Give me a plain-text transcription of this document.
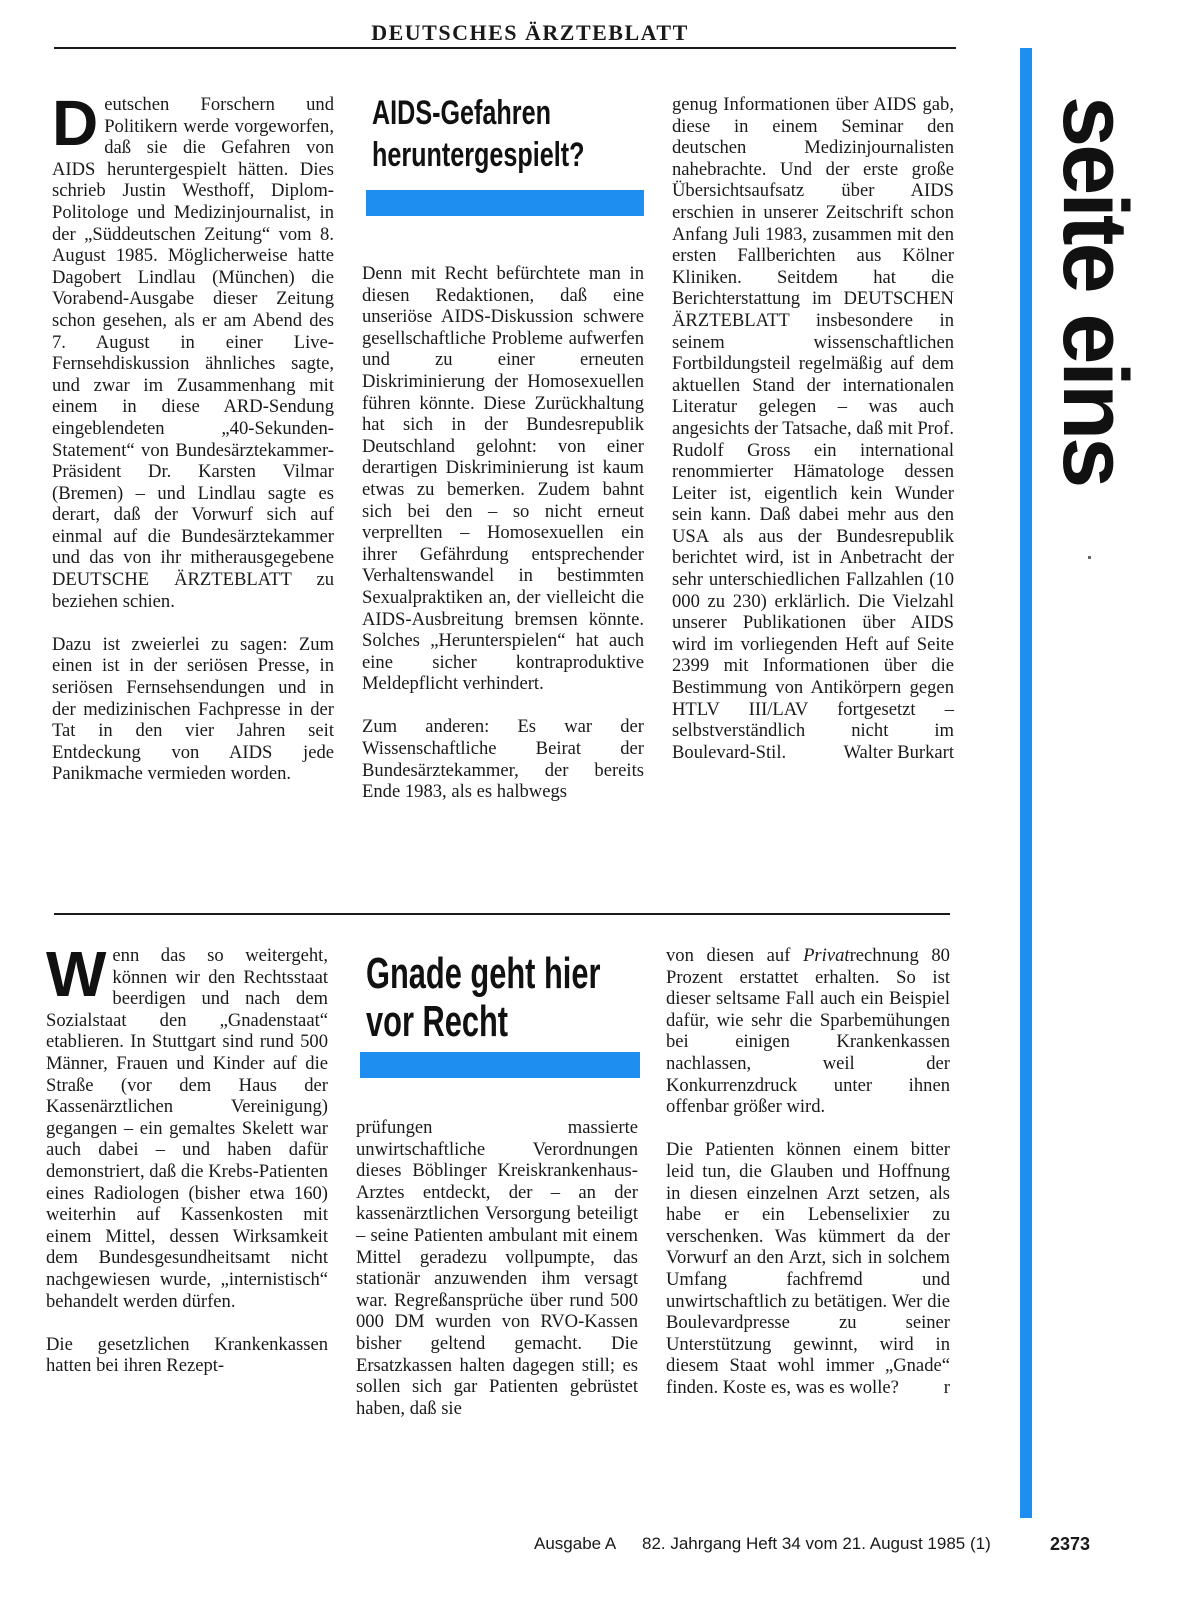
DEUTSCHES ÄRZTEBLATT
seite eins

Deutschen Forschern und Politikern werde vorgeworfen, daß sie die Gefahren von AIDS heruntergespielt hätten. Dies schrieb Justin Westhoff, Diplom-Politologe und Medizinjournalist, in der „Süddeutschen Zeitung“ vom 8. August 1985. Möglicherweise hatte Dagobert Lindlau (München) die Vorabend-Ausgabe dieser Zeitung schon gesehen, als er am Abend des 7. August in einer Live-Fernsehdiskussion ähnliches sagte, und zwar im Zusammenhang mit einem in diese ARD-Sendung eingeblendeten „40-Sekunden-Statement“ von Bundesärztekammer-Präsident Dr. Karsten Vilmar (Bremen) – und Lindlau sagte es derart, daß der Vorwurf sich auf einmal auf die Bundesärztekammer und das von ihr mitherausgegebene DEUTSCHE ÄRZTEBLATT zu beziehen schien.

Dazu ist zweierlei zu sagen: Zum einen ist in der seriösen Presse, in seriösen Fernsehsendungen und in der medizinischen Fachpresse in der Tat in den vier Jahren seit Entdeckung von AIDS jede Panikmache vermieden worden.

AIDS-Gefahren
heruntergespielt?

Denn mit Recht befürchtete man in diesen Redaktionen, daß eine unseriöse AIDS-Diskussion schwere gesellschaftliche Probleme aufwerfen und zu einer erneuten Diskriminierung der Homosexuellen führen könnte. Diese Zurückhaltung hat sich in der Bundesrepublik Deutschland gelohnt: von einer derartigen Diskriminierung ist kaum etwas zu bemerken. Zudem bahnt sich bei den – so nicht erneut verprellten – Homosexuellen ein ihrer Gefährdung entsprechender Verhaltenswandel in bestimmten Sexualpraktiken an, der vielleicht die AIDS-Ausbreitung bremsen könnte. Solches „Herunterspielen“ hat auch eine sicher kontraproduktive Meldepflicht verhindert.

Zum anderen: Es war der Wissenschaftliche Beirat der Bundesärztekammer, der bereits Ende 1983, als es halbwegs

genug Informationen über AIDS gab, diese in einem Seminar den deutschen Medizinjournalisten nahebrachte. Und der erste große Übersichtsaufsatz über AIDS erschien in unserer Zeitschrift schon Anfang Juli 1983, zusammen mit den ersten Fallberichten aus Kölner Kliniken. Seitdem hat die Berichterstattung im DEUTSCHEN ÄRZTEBLATT insbesondere in seinem wissenschaftlichen Fortbildungsteil regelmäßig auf dem aktuellen Stand der internationalen Literatur gelegen – was auch angesichts der Tatsache, daß mit Prof. Rudolf Gross ein international renommierter Hämatologe dessen Leiter ist, eigentlich kein Wunder sein kann. Daß dabei mehr aus den USA als aus der Bundesrepublik berichtet wird, ist in Anbetracht der sehr unterschiedlichen Fallzahlen (10 000 zu 230) erklärlich. Die Vielzahl unserer Publikationen über AIDS wird im vorliegenden Heft auf Seite 2399 mit Informationen über die Bestimmung von Antikörpern gegen HTLV III/LAV fortgesetzt – selbstverständlich nicht im Boulevard-Stil.	Walter Burkart

Wenn das so weitergeht, können wir den Rechtsstaat beerdigen und nach dem Sozialstaat den „Gnadenstaat“ etablieren. In Stuttgart sind rund 500 Männer, Frauen und Kinder auf die Straße (vor dem Haus der Kassenärztlichen Vereinigung) gegangen – ein gemaltes Skelett war auch dabei – und haben dafür demonstriert, daß die Krebs-Patienten eines Radiologen (bisher etwa 160) weiterhin auf Kassenkosten mit einem Mittel, dessen Wirksamkeit dem Bundesgesundheitsamt nicht nachgewiesen wurde, „internistisch“ behandelt werden dürfen.

Die gesetzlichen Krankenkassen hatten bei ihren Rezept-

Gnade geht hier
vor Recht

prüfungen massierte unwirtschaftliche Verordnungen dieses Böblinger Kreiskrankenhaus-Arztes entdeckt, der – an der kassenärztlichen Versorgung beteiligt – seine Patienten ambulant mit einem Mittel geradezu vollpumpte, das stationär anzuwenden ihm versagt war. Regreßansprüche über rund 500 000 DM wurden von RVO-Kassen bisher geltend gemacht. Die Ersatzkassen halten dagegen still; es sollen sich gar Patienten gebrüstet haben, daß sie

von diesen auf Privatrechnung 80 Prozent erstattet erhalten. So ist dieser seltsame Fall auch ein Beispiel dafür, wie sehr die Sparbemühungen bei einigen Krankenkassen nachlassen, weil der Konkurrenzdruck unter ihnen offenbar größer wird.

Die Patienten können einem bitter leid tun, die Glauben und Hoffnung in diesen einzelnen Arzt setzen, als habe er ein Lebenselixier zu verschenken. Was kümmert da der Vorwurf an den Arzt, sich in solchem Umfang fachfremd und unwirtschaftlich zu betätigen. Wer die Boulevardpresse zu seiner Unterstützung gewinnt, wird in diesem Staat wohl immer „Gnade“ finden. Koste es, was es wolle? r

Ausgabe A 82. Jahrgang Heft 34 vom 21. August 1985 (1)	2373
